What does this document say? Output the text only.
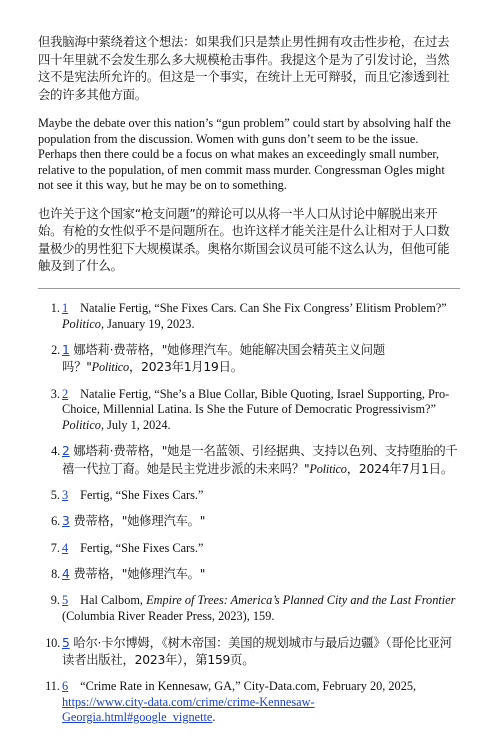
但我脑海中萦绕着这个想法：如果我们只是禁止男性拥有攻击性步枪，在过去四十年里就不会发生那么多大规模枪击事件。我提这个是为了引发讨论，当然这不是宪法所允许的。但这是一个事实，在统计上无可辩驳，而且它渗透到社会的许多其他方面。

Maybe the debate over this nation’s “gun problem” could start by absolving half the population from the discussion. Women with guns don’t seem to be the issue. Perhaps then there could be a focus on what makes an exceedingly small number, relative to the population, of men commit mass murder. Congressman Ogles might not see it this way, but he may be on to something.

也许关于这个国家“枪支问题”的辩论可以从将一半人口从讨论中解脱出来开始。有枪的女性似乎不是问题所在。也许这样才能关注是什么让相对于人口数量极少的男性犯下大规模谋杀。奥格尔斯国会议员可能不这么认为，但他可能触及到了什么。

1. 1 Natalie Fertig, “She Fixes Cars. Can She Fix Congress’ Elitism Problem?” Politico, January 19, 2023.
2. 1 娜塔莉·费蒂格，"她修理汽车。她能解决国会精英主义问题吗？"Politico，2023年1月19日。
3. 2 Natalie Fertig, “She’s a Blue Collar, Bible Quoting, Israel Supporting, Pro-Choice, Millennial Latina. Is She the Future of Democratic Progressivism?” Politico, July 1, 2024.
4. 2 娜塔莉·费蒂格，"她是一名蓝领、引经据典、支持以色列、支持堕胎的千禧一代拉丁裔。她是民主党进步派的未来吗？"Politico，2024年7月1日。
5. 3 Fertig, “She Fixes Cars.”
6. 3 费蒂格，"她修理汽车。"
7. 4 Fertig, “She Fixes Cars.”
8. 4 费蒂格，"她修理汽车。"
9. 5 Hal Calbom, Empire of Trees: America’s Planned City and the Last Frontier (Columbia River Reader Press, 2023), 159.
10. 5 哈尔·卡尔博姆，《树木帝国：美国的规划城市与最后边疆》（哥伦比亚河读者出版社，2023年），第159页。
11. 6 “Crime Rate in Kennesaw, GA,” City-Data.com, February 20, 2025, https://www.city-data.com/crime/crime-Kennesaw-Georgia.html#google_vignette.
